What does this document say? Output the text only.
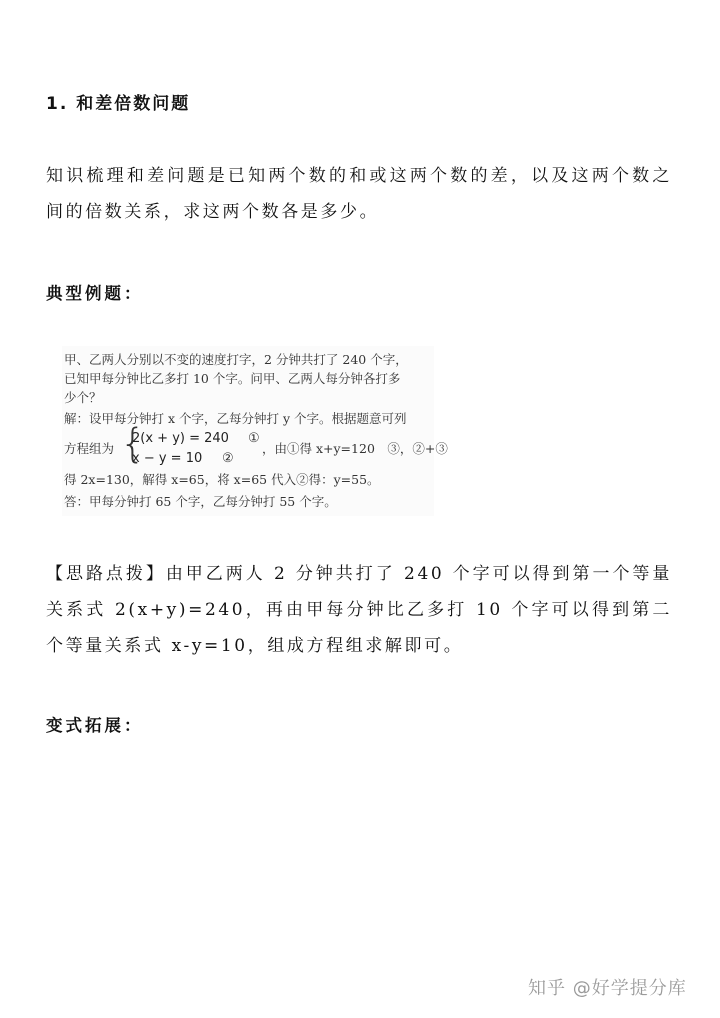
1. 和差倍数问题
知识梳理和差问题是已知两个数的和或这两个数的差，以及这两个数之间的倍数关系，求这两个数各是多少。
典型例题：
甲、乙两人分别以不变的速度打字，2 分钟共打了 240 个字，
已知甲每分钟比乙多打 10 个字。问甲、乙两人每分钟各打多
少个？
解：设甲每分钟打 x 个字，乙每分钟打 y 个字。根据题意可列
方程组为 {
2(x + y) = 240 ①
，由①得 x+y=120　③，②+③
x − y = 10 ②
得 2x=130，解得 x=65，将 x=65 代入②得：y=55。
答：甲每分钟打 65 个字，乙每分钟打 55 个字。
【思路点拨】由甲乙两人 2 分钟共打了 240 个字可以得到第一个等量关系式 2(x+y)=240，再由甲每分钟比乙多打 10 个字可以得到第二个等量关系式 x-y=10，组成方程组求解即可。
变式拓展：
知乎 @好学提分库
